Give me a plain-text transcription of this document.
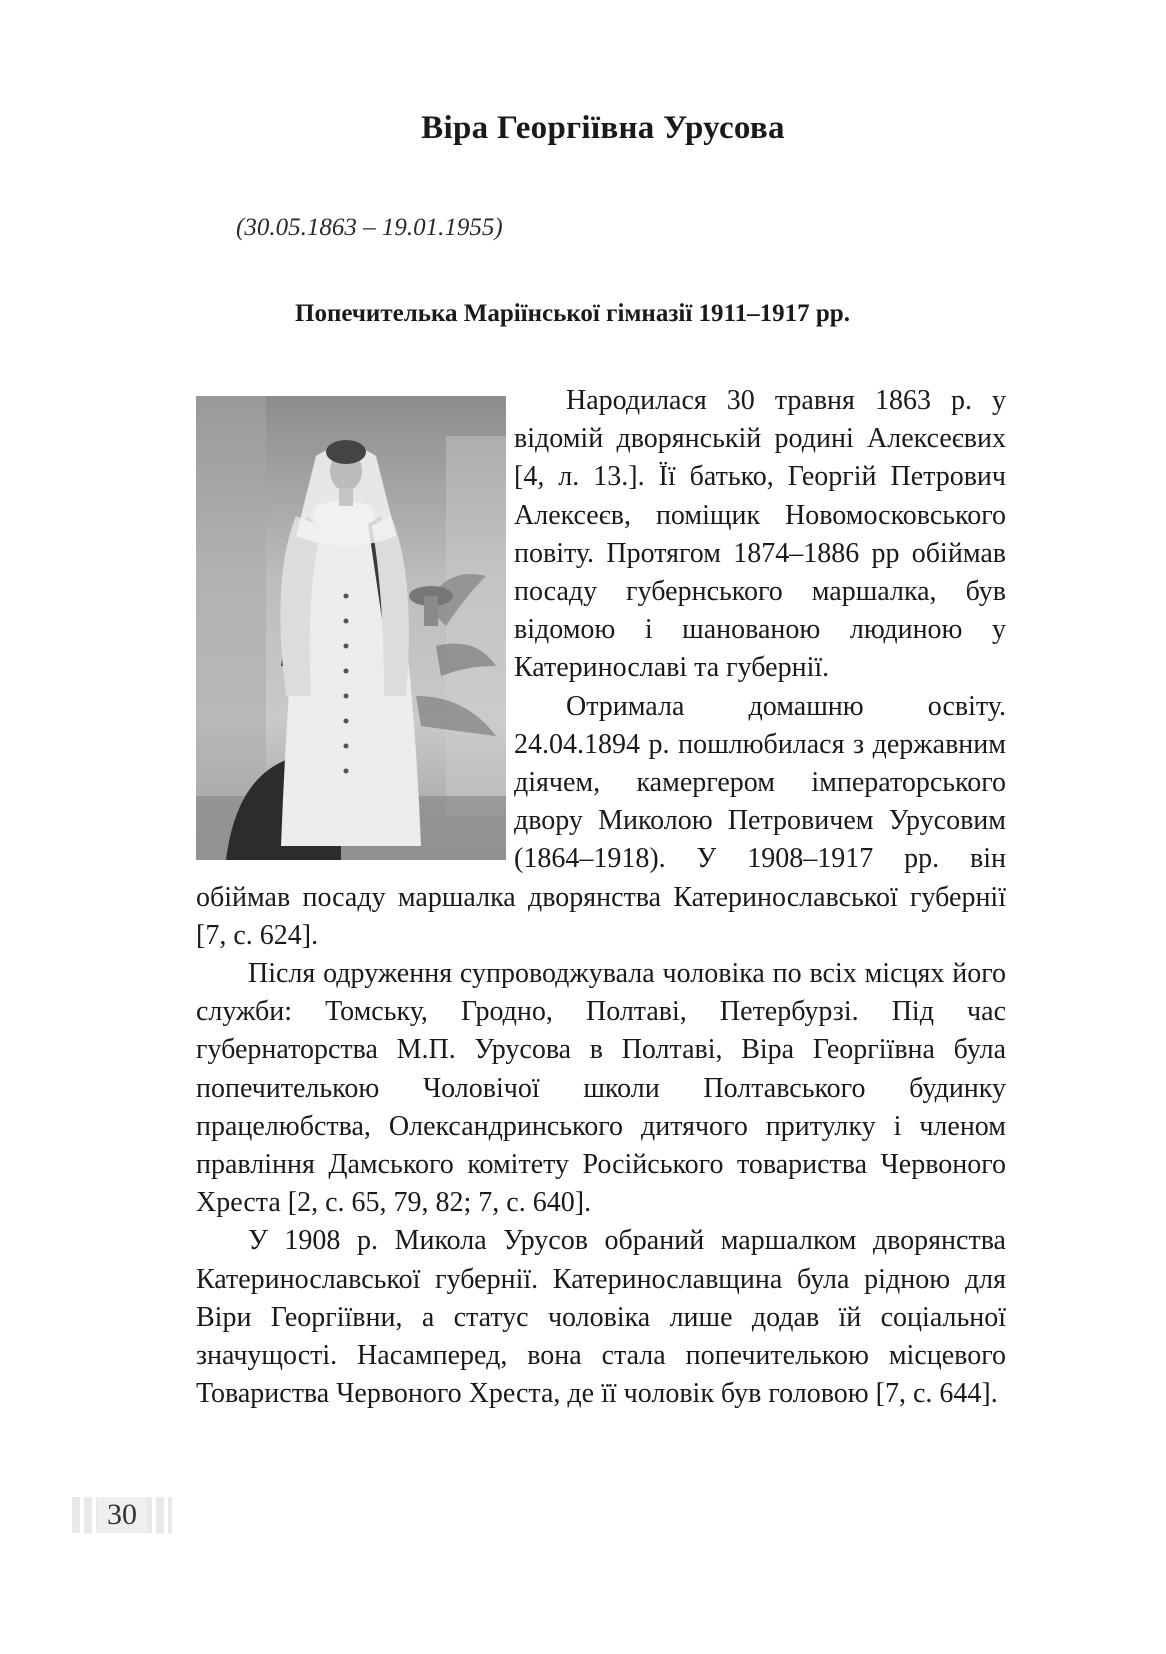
Віра Георгіївна Урусова
(30.05.1863 – 19.01.1955)
Попечителька Маріїнської гімназії 1911–1917 рр.

Народилася 30 травня 1863 р. у відомій дворянській родині Алексеєвих [4, л. 13.]. Її батько, Георгій Петрович Алексеєв, поміщик Новомосковського повіту. Протягом 1874–1886 рр обіймав посаду губернського маршалка, був відомою і шанованою людиною у Катеринославі та губернії.

Отримала домашню освіту. 24.04.1894 р. пошлюбилася з державним діячем, камергером імператорського двору Миколою Петровичем Урусовим (1864–1918). У 1908–1917 рр. він обіймав посаду маршалка дворянства Катеринославської губернії [7, с. 624].

Після одруження супроводжувала чоловіка по всіх місцях його служби: Томську, Гродно, Полтаві, Петербурзі. Під час губернаторства М.П. Урусова в Полтаві, Віра Георгіївна була попечителькою Чоловічої школи Полтавського будинку працелюбства, Олександринського дитячого притулку і членом правління Дамського комітету Російського товариства Червоного Хреста [2, с. 65, 79, 82; 7, с. 640].

У 1908 р. Микола Урусов обраний маршалком дворянства Катеринославської губернії. Катеринославщина була рідною для Віри Георгіївни, а статус чоловіка лише додав їй соціальної значущості. Насамперед, вона стала попечителькою місцевого Товариства Червоного Хреста, де її чоловік був головою [7, с. 644].

30
